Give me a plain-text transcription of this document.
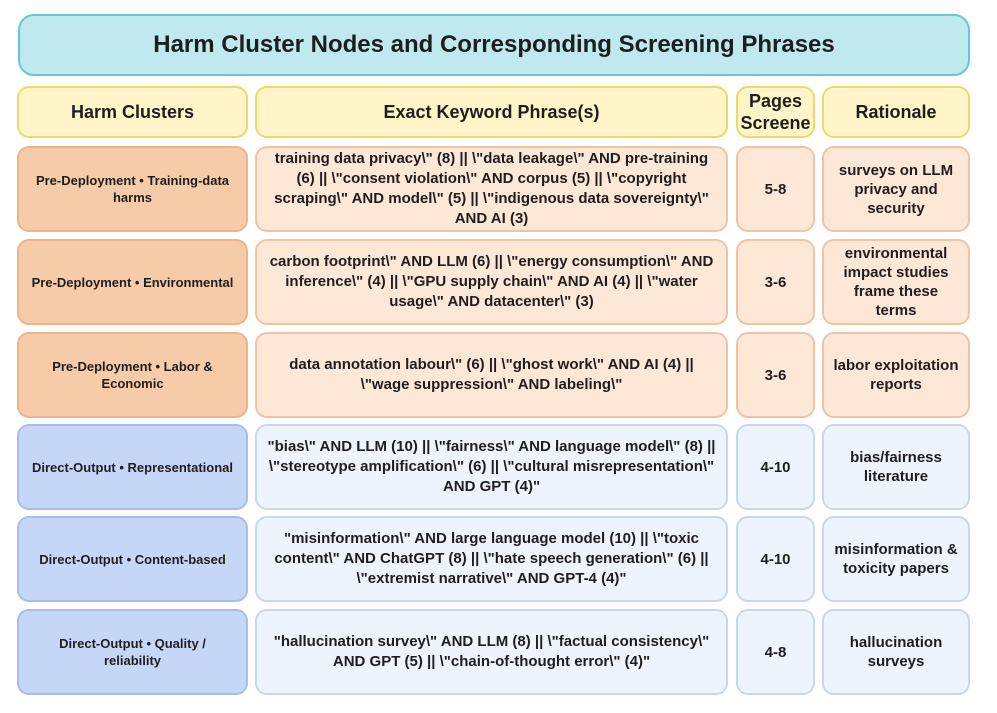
Harm Cluster Nodes and Corresponding Screening Phrases
Harm Clusters	Exact Keyword Phrase(s)
Pages Screene
Rationale
Pre-Deployment • Training-data harms
training data privacy\" (8) || \"data leakage\" AND pre-training (6) || \"consent violation\" AND corpus (5) || \"copyright scraping\" AND model\" (5) || \"indigenous data sovereignty\" AND AI (3)
5-8
surveys on LLM privacy and security
Pre-Deployment • Environmental
carbon footprint\" AND LLM (6) || \"energy consumption\" AND inference\" (4) || \"GPU supply chain\" AND AI (4) || \"water usage\" AND datacenter\" (3)
3-6
environmental impact studies frame these terms
Pre-Deployment • Labor & Economic
data annotation labour\" (6) || \"ghost work\" AND AI (4) || \"wage suppression\" AND labeling\"
3-6
labor exploitation reports
Direct-Output • Representational
"bias\" AND LLM (10) || \"fairness\" AND language model\" (8) || \"stereotype amplification\" (6) || \"cultural misrepresentation\" AND GPT (4)"
4-10
bias/fairness literature
Direct-Output • Content-based
"misinformation\" AND large language model (10) || \"toxic content\" AND ChatGPT (8) || \"hate speech generation\" (6) || \"extremist narrative\" AND GPT-4 (4)"
4-10
misinformation & toxicity papers
Direct-Output • Quality / reliability
"hallucination survey\" AND LLM (8) || \"factual consistency\" AND GPT (5) || \"chain-of-thought error\" (4)"
4-8
hallucination surveys
